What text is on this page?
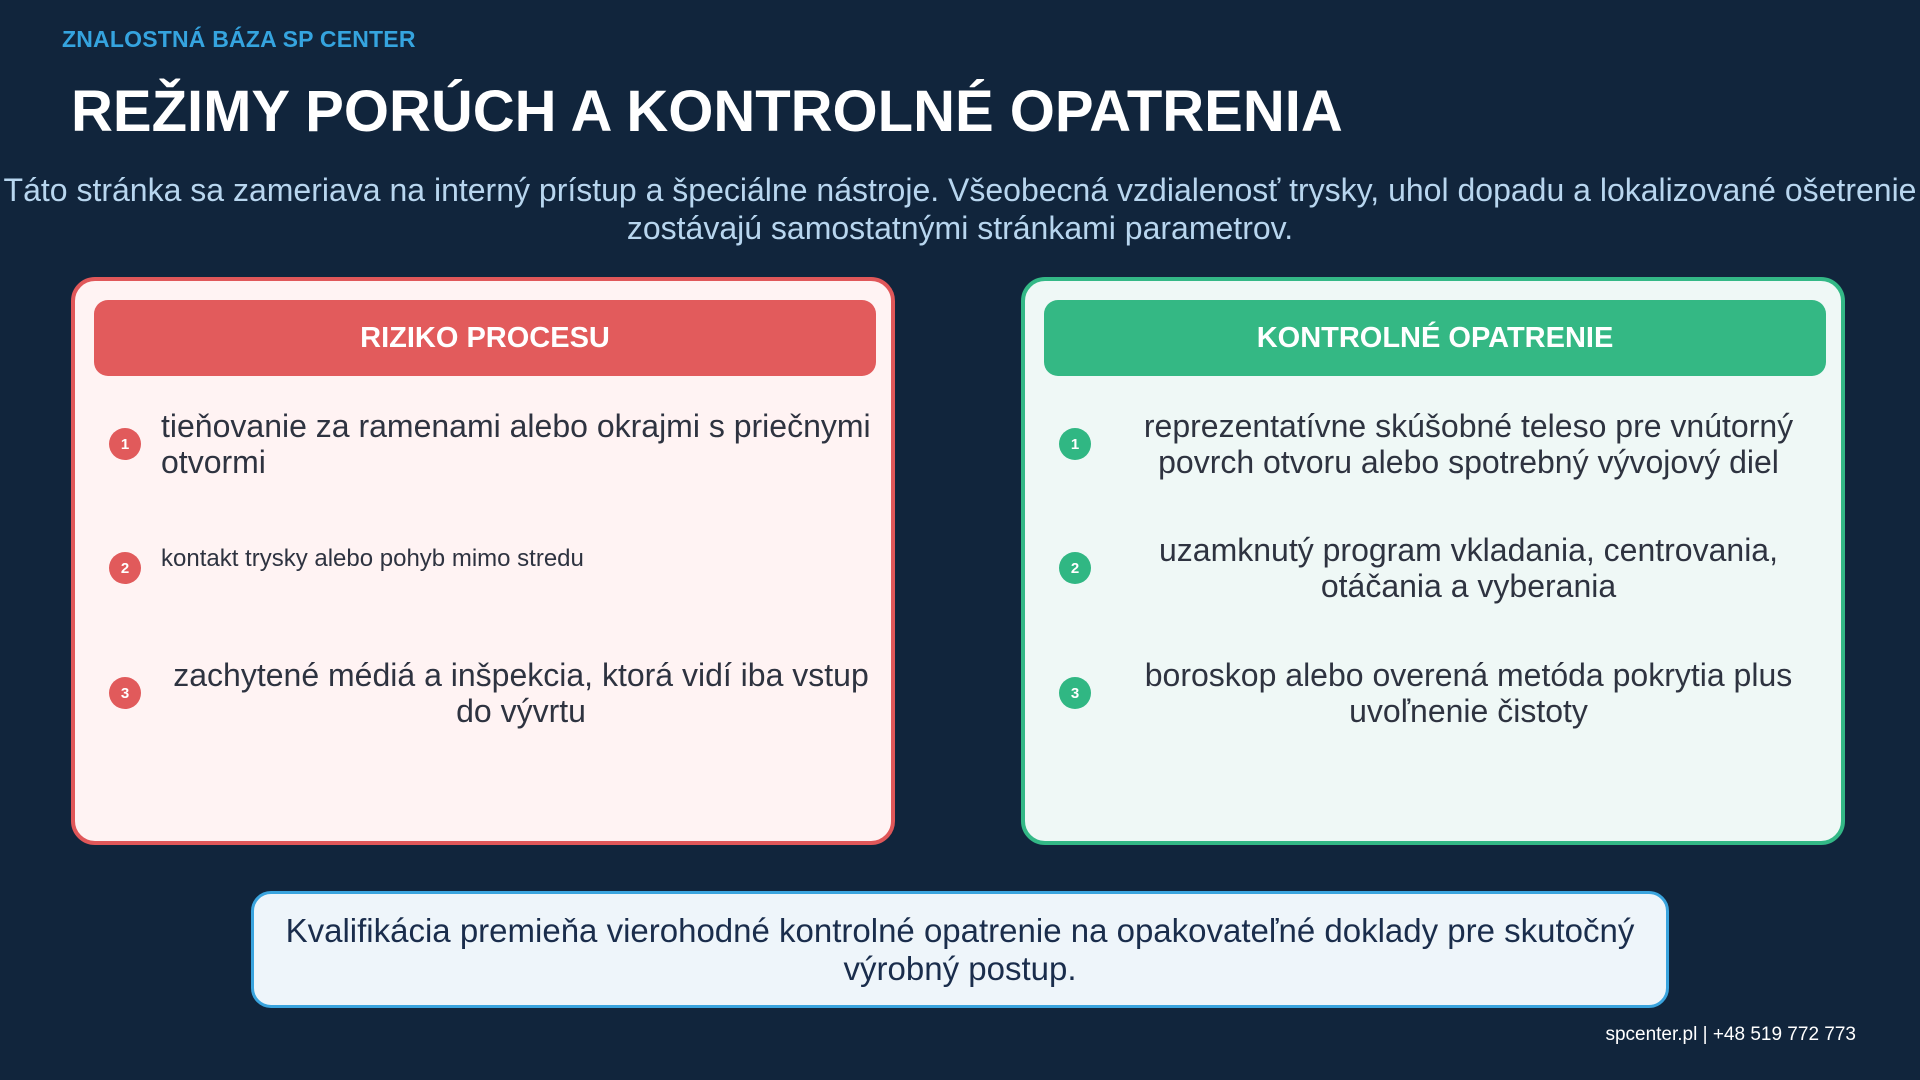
ZNALOSTNÁ BÁZA SP CENTER
REŽIMY PORÚCH A KONTROLNÉ OPATRENIA
Táto stránka sa zameriava na interný prístup a špeciálne nástroje. Všeobecná vzdialenosť trysky, uhol dopadu a lokalizované ošetrenie zostávajú samostatnými stránkami parametrov.
RIZIKO PROCESU
1 tieňovanie za ramenami alebo okrajmi s priečnymi otvormi
2	kontakt trysky alebo pohyb mimo stredu
3	zachytené médiá a inšpekcia, ktorá vidí iba vstup do vývrtu
KONTROLNÉ OPATRENIE
1	reprezentatívne skúšobné teleso pre vnútorný povrch otvoru alebo spotrebný vývojový diel
2	uzamknutý program vkladania, centrovania, otáčania a vyberania
3	boroskop alebo overená metóda pokrytia plus uvoľnenie čistoty
Kvalifikácia premieňa vierohodné kontrolné opatrenie na opakovateľné doklady pre skutočný výrobný postup.
spcenter.pl | +48 519 772 773
